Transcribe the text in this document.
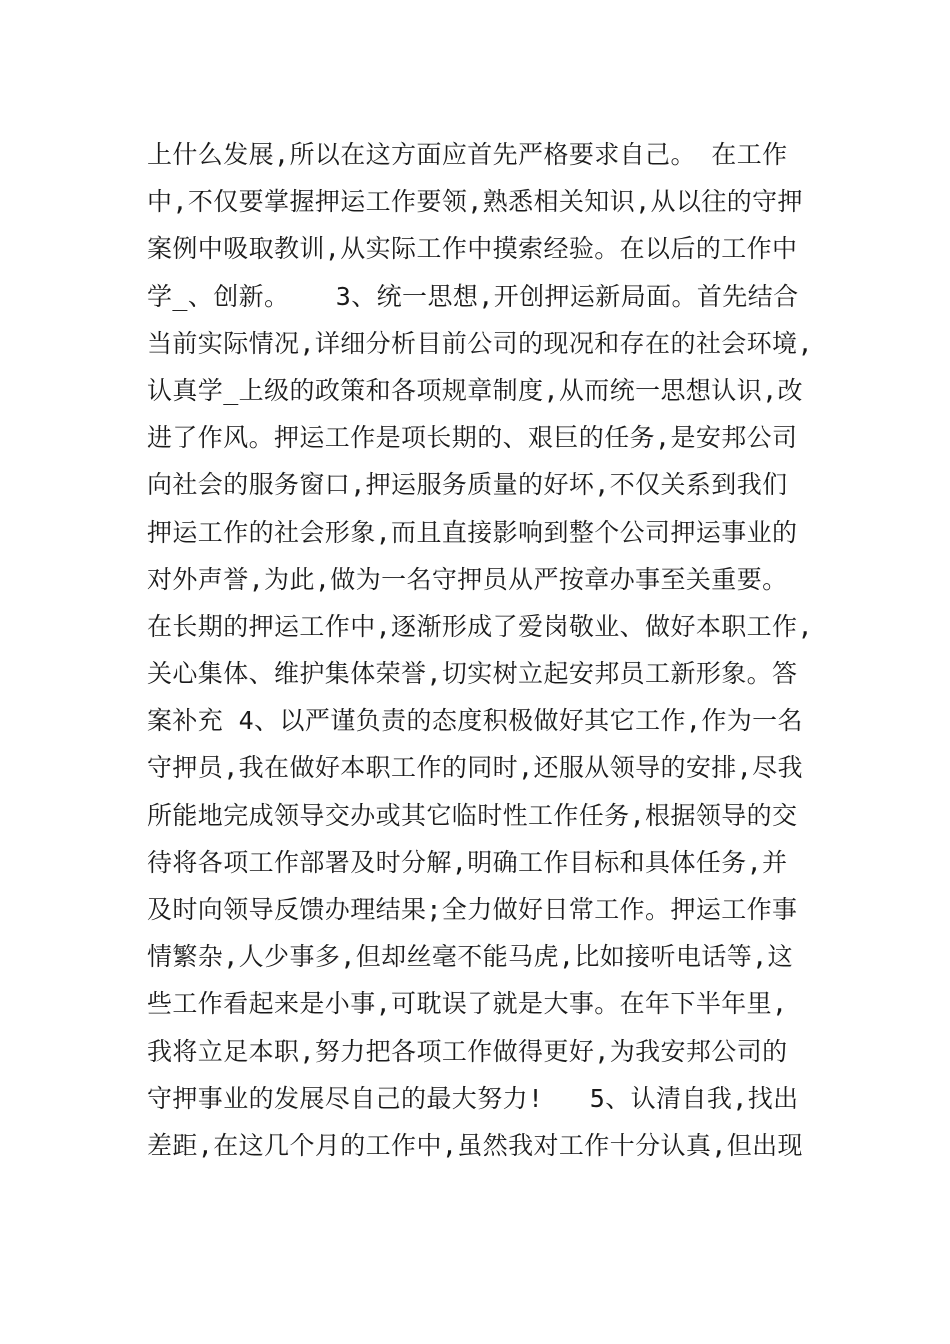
上什么发展,所以在这方面应首先严格要求自己。 在工作
中,不仅要掌握押运工作要领,熟悉相关知识,从以往的守押
案例中吸取教训,从实际工作中摸索经验。在以后的工作中
学_、创新。   3、统一思想,开创押运新局面。首先结合
当前实际情况,详细分析目前公司的现况和存在的社会环境,
认真学_上级的政策和各项规章制度,从而统一思想认识,改
进了作风。押运工作是项长期的、艰巨的任务,是安邦公司
向社会的服务窗口,押运服务质量的好坏,不仅关系到我们
押运工作的社会形象,而且直接影响到整个公司押运事业的
对外声誉,为此,做为一名守押员从严按章办事至关重要。
在长期的押运工作中,逐渐形成了爱岗敬业、做好本职工作,
关心集体、维护集体荣誉,切实树立起安邦员工新形象。答
案补充 4、以严谨负责的态度积极做好其它工作,作为一名
守押员,我在做好本职工作的同时,还服从领导的安排,尽我
所能地完成领导交办或其它临时性工作任务,根据领导的交
待将各项工作部署及时分解,明确工作目标和具体任务,并
及时向领导反馈办理结果;全力做好日常工作。押运工作事
情繁杂,人少事多,但却丝毫不能马虎,比如接听电话等,这
些工作看起来是小事,可耽误了就是大事。在年下半年里,
我将立足本职,努力把各项工作做得更好,为我安邦公司的
守押事业的发展尽自己的最大努力!   5、认清自我,找出
差距,在这几个月的工作中,虽然我对工作十分认真,但出现
